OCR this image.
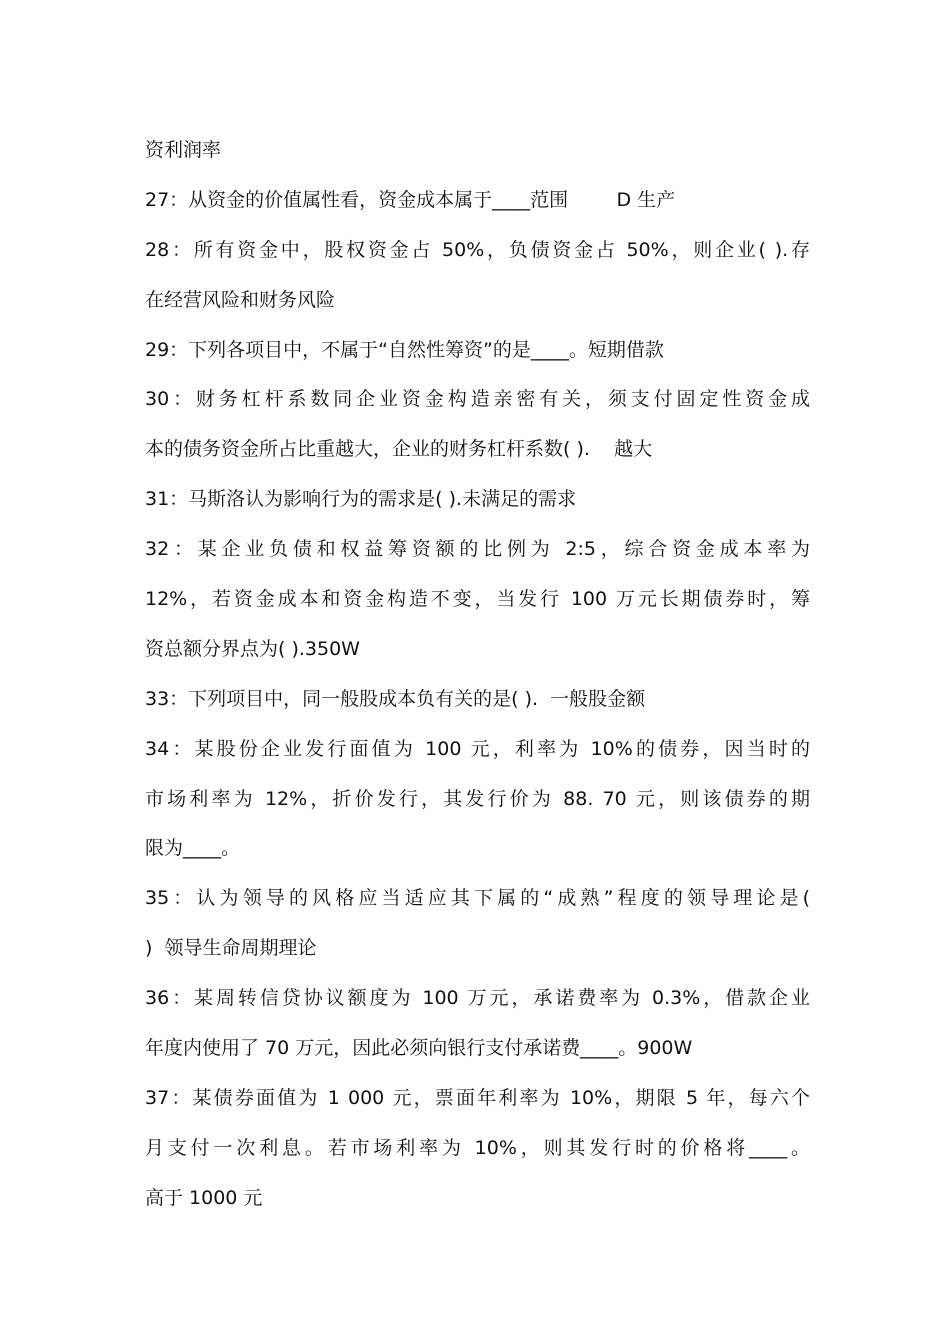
资利润率
27：从资金的价值属性看，资金成本属于____范围        D 生产
28：所有资金中，股权资金占 50%，负债资金占 50%，则企业( ).存
在经营风险和财务风险
29：下列各项目中，不属于“自然性筹资”的是____。短期借款
30：财务杠杆系数同企业资金构造亲密有关，须支付固定性资金成
本的债务资金所占比重越大，企业的财务杠杆系数( ).    越大
31：马斯洛认为影响行为的需求是( ).未满足的需求
32：某企业负债和权益筹资额的比例为 2:5，综合资金成本率为
12%，若资金成本和资金构造不变，当发行 100 万元长期债券时，筹
资总额分界点为( ).350W
33：下列项目中，同一般股成本负有关的是( ).  一般股金额
34：某股份企业发行面值为 100 元，利率为 10%的债券，因当时的
市场利率为 12%，折价发行，其发行价为 88. 70 元，则该债券的期
限为____。
35：认为领导的风格应当适应其下属的“成熟”程度的领导理论是(
)  领导生命周期理论
36：某周转信贷协议额度为 100 万元，承诺费率为 0.3%，借款企业
年度内使用了 70 万元，因此必须向银行支付承诺费____。900W
37：某债券面值为 1 000 元，票面年利率为 10%，期限 5 年，每六个
月支付一次利息。若市场利率为 10%，则其发行时的价格将____。
高于 1000 元
